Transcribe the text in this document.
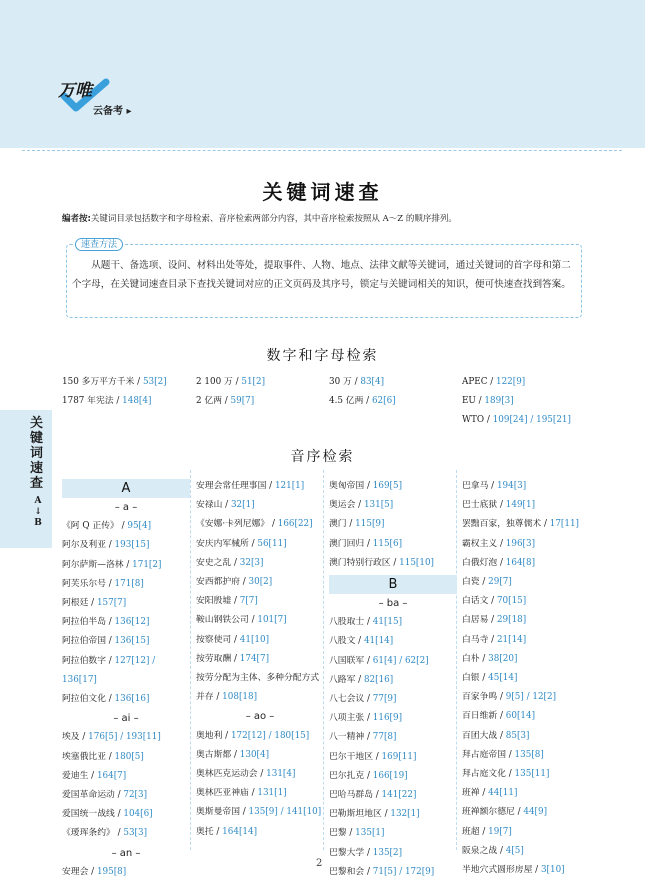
万唯
云备考 ▸
关键词速查
A
↓
B
关键词速查
编者按:关键词目录包括数字和字母检索、音序检索两部分内容，其中音序检索按照从 A～Z 的顺序排列。
速查方法
从题干、备选项、设问、材料出处等处，提取事件、人物、地点、法律文献等关键词，通过关键词的首字母和第二个字母，在关键词速查目录下查找关键词对应的正文页码及其序号，锁定与关键词相关的知识，便可快速查找到答案。
数字和字母检索
150 多万平方千米 / 53[2]
1787 年宪法 / 148[4]
2 100 万 / 51[2]
2 亿两 / 59[7]
30 万 / 83[4]
4.5 亿两 / 62[6]
APEC / 122[9]
EU / 189[3]
WTO / 109[24] / 195[21]
音序检索
A
– a –
《阿 Q 正传》 / 95[4]
阿尔及利亚 / 193[15]
阿尔萨斯—洛林 / 171[2]
阿芙乐尔号 / 171[8]
阿根廷 / 157[7]
阿拉伯半岛 / 136[12]
阿拉伯帝国 / 136[15]
阿拉伯数字 / 127[12] / 136[17]
阿拉伯文化 / 136[16]
– ai –
埃及 / 176[5] / 193[11]
埃塞俄比亚 / 180[5]
爱迪生 / 164[7]
爱国革命运动 / 72[3]
爱国统一战线 / 104[6]
《瑷珲条约》 / 53[3]
– an –
安理会 / 195[8]
安理会常任理事国 / 121[1]
安禄山 / 32[1]
《安娜·卡列尼娜》 / 166[22]
安庆内军械所 / 56[11]
安史之乱 / 32[3]
安西都护府 / 30[2]
安阳殷墟 / 7[7]
鞍山钢铁公司 / 101[7]
按察使司 / 41[10]
按劳取酬 / 174[7]
按劳分配为主体、多种分配方式并存 / 108[18]
– ao –
奥地利 / 172[12] / 180[15]
奥古斯都 / 130[4]
奥林匹克运动会 / 131[4]
奥林匹亚神庙 / 131[1]
奥斯曼帝国 / 135[9] / 141[10]
奥托 / 164[14]
奥匈帝国 / 169[5]
奥运会 / 131[5]
澳门 / 115[9]
澳门回归 / 115[6]
澳门特别行政区 / 115[10]
B
– ba –
八股取士 / 41[15]
八股文 / 41[14]
八国联军 / 61[4] / 62[2]
八路军 / 82[16]
八七会议 / 77[9]
八项主张 / 116[9]
八一精神 / 77[8]
巴尔干地区 / 169[11]
巴尔扎克 / 166[19]
巴哈马群岛 / 141[22]
巴勒斯坦地区 / 132[1]
巴黎 / 135[1]
巴黎大学 / 135[2]
巴黎和会 / 71[5] / 172[9]
巴拿马 / 194[3]
巴士底狱 / 149[1]
罢黜百家，独尊儒术 / 17[11]
霸权主义 / 196[3]
白俄灯泡 / 164[8]
白瓷 / 29[7]
白话文 / 70[15]
白居易 / 29[18]
白马寺 / 21[14]
白朴 / 38[20]
白银 / 45[14]
百家争鸣 / 9[5] / 12[2]
百日维新 / 60[14]
百团大战 / 85[3]
拜占庭帝国 / 135[8]
拜占庭文化 / 135[11]
班禅 / 44[11]
班禅额尔德尼 / 44[9]
班超 / 19[7]
阪泉之战 / 4[5]
半地穴式圆形房屋 / 3[10]
2
